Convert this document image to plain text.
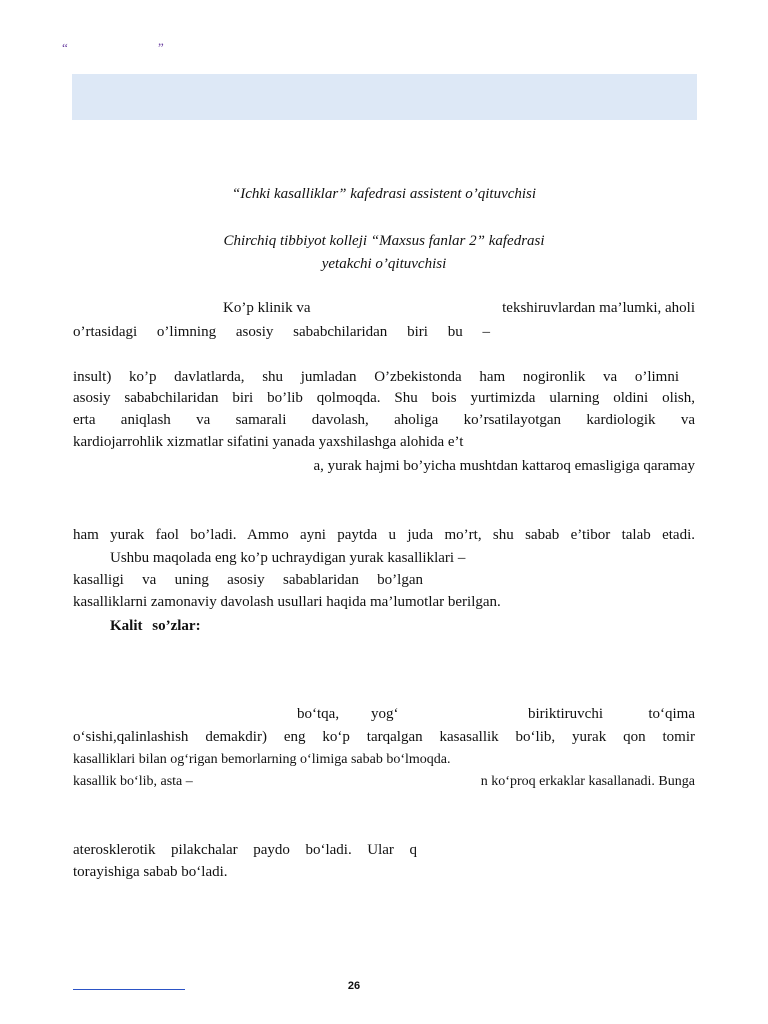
“	”
“Ichki kasalliklar” kafedrasi assistent o’qituvchisi
Chirchiq tibbiyot kolleji “Maxsus fanlar 2” kafedrasi
yetakchi o’qituvchisi
Ko’p klinik va	tekshiruvlardan ma’lumki, aholi
o’rtasidagi o’limning asosiy sababchilaridan biri bu –
insult) ko’p davlatlarda, shu jumladan O’zbekistonda ham nogironlik va o’limni
asosiy sababchilaridan biri bo’lib qolmoqda. Shu bois yurtimizda ularning oldini olish,
erta aniqlash va samarali davolash, aholiga ko’rsatilayotgan kardiologik va
kardiojarrohlik xizmatlar sifatini yanada yaxshilashga alohida e’t
a, yurak hajmi bo’yicha mushtdan kattaroq emasligiga qaramay
ham yurak faol bo’ladi. Ammo ayni paytda u juda mo’rt, shu sabab e’tibor talab etadi.
Ushbu maqolada eng ko’p uchraydigan yurak kasalliklari –
kasalligi va uning asosiy sabablaridan bo’lgan
kasalliklarni zamonaviy davolash usullari haqida ma’lumotlar berilgan.
Kalit so’zlar:
bo‘tqa, yog‘	biriktiruvchi	to‘qima
o‘sishi,qalinlashish demakdir) eng ko‘p tarqalgan kasasallik bo‘lib, yurak qon tomir
kasalliklari bilan og‘rigan bemorlarning o‘limiga sabab bo‘lmoqda.
kasallik bo‘lib, asta –	n ko‘proq erkaklar kasallanadi. Bunga
aterosklerotik pilakchalar paydo bo‘ladi. Ular q
torayishiga sabab bo‘ladi.
26
